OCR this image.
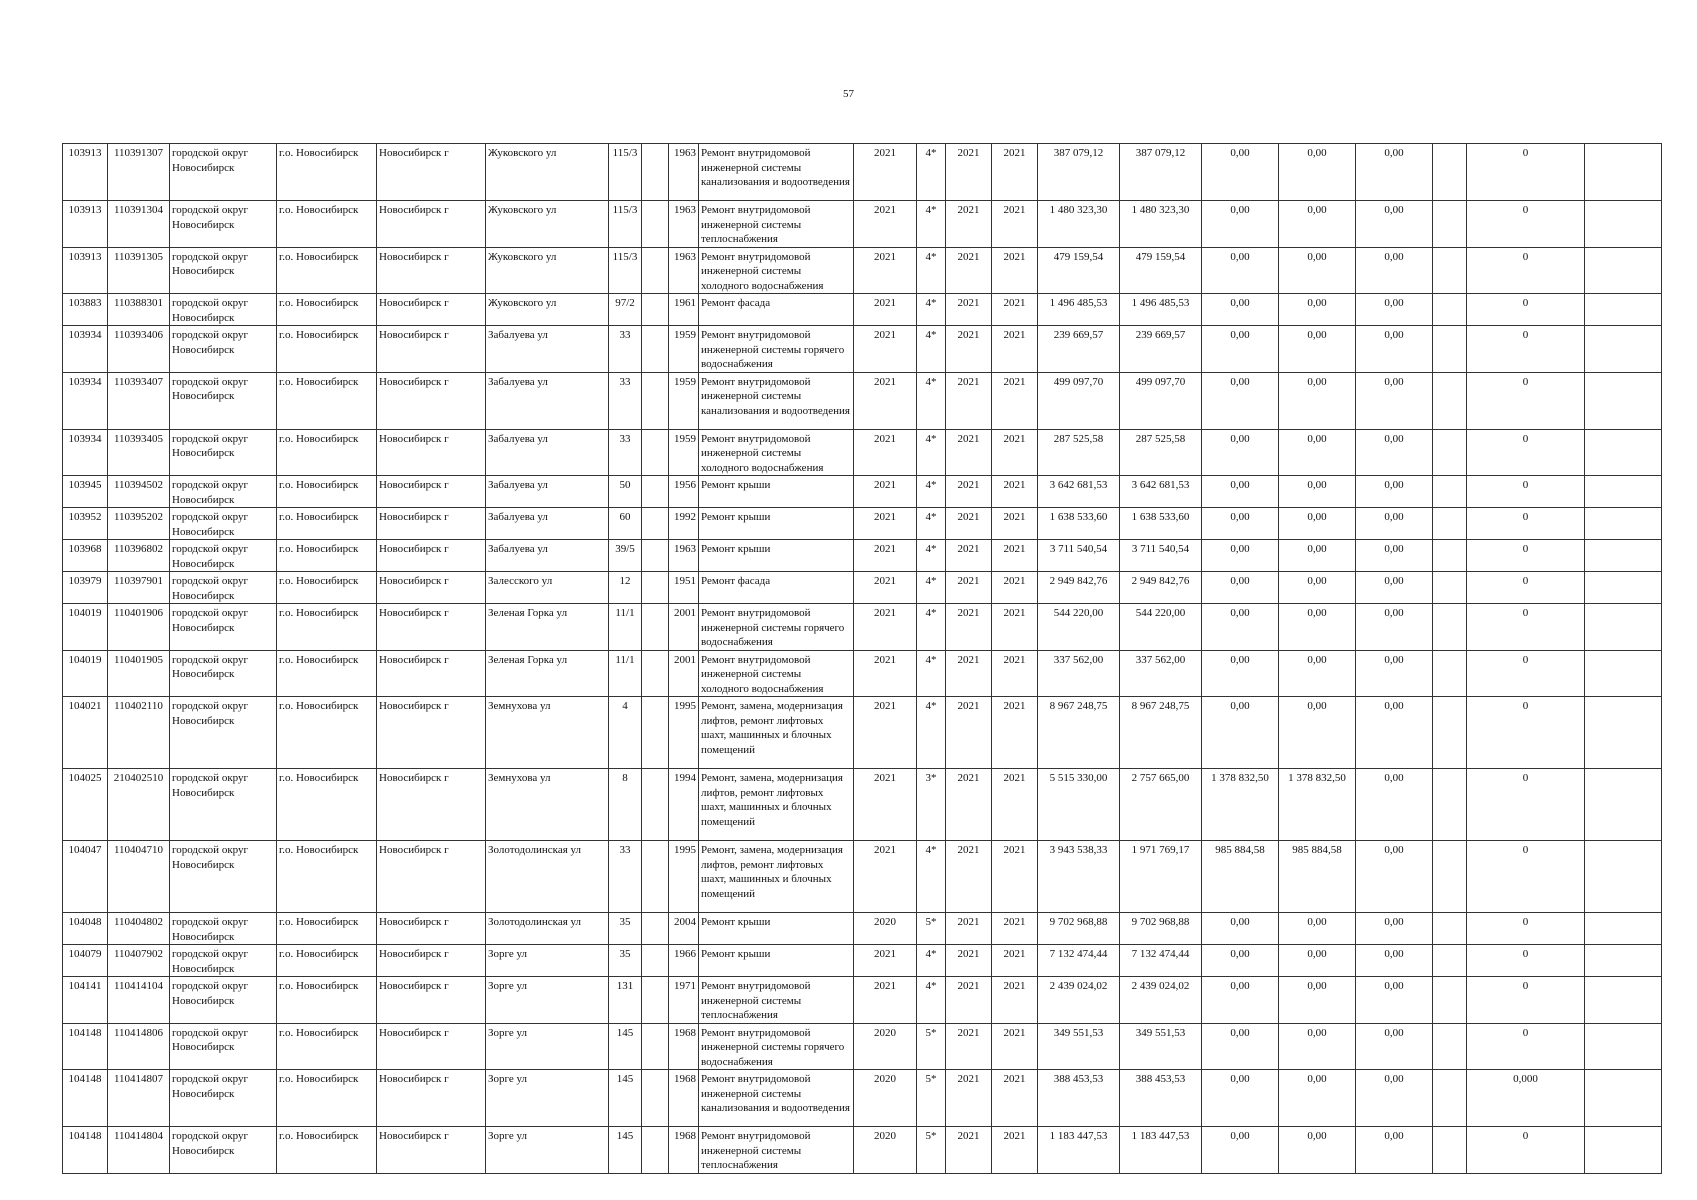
57
103913	110391307	городской округ Новосибирск	г.о. Новосибирск	Новосибирск г	Жуковского ул	115/3		1963	Ремонт внутридомовой инженерной системы канализования и водоотведения	2021	4*	2021	2021	387 079,12	387 079,12	0,00	0,00	0,00		0	
103913	110391304	городской округ Новосибирск	г.о. Новосибирск	Новосибирск г	Жуковского ул	115/3		1963	Ремонт внутридомовой инженерной системы теплоснабжения	2021	4*	2021	2021	1 480 323,30	1 480 323,30	0,00	0,00	0,00		0	
103913	110391305	городской округ Новосибирск	г.о. Новосибирск	Новосибирск г	Жуковского ул	115/3		1963	Ремонт внутридомовой инженерной системы холодного водоснабжения	2021	4*	2021	2021	479 159,54	479 159,54	0,00	0,00	0,00		0	
103883	110388301	городской округ Новосибирск	г.о. Новосибирск	Новосибирск г	Жуковского ул	97/2		1961	Ремонт фасада	2021	4*	2021	2021	1 496 485,53	1 496 485,53	0,00	0,00	0,00		0	
103934	110393406	городской округ Новосибирск	г.о. Новосибирск	Новосибирск г	Забалуева ул	33		1959	Ремонт внутридомовой инженерной системы горячего водоснабжения	2021	4*	2021	2021	239 669,57	239 669,57	0,00	0,00	0,00		0	
103934	110393407	городской округ Новосибирск	г.о. Новосибирск	Новосибирск г	Забалуева ул	33		1959	Ремонт внутридомовой инженерной системы канализования и водоотведения	2021	4*	2021	2021	499 097,70	499 097,70	0,00	0,00	0,00		0	
103934	110393405	городской округ Новосибирск	г.о. Новосибирск	Новосибирск г	Забалуева ул	33		1959	Ремонт внутридомовой инженерной системы холодного водоснабжения	2021	4*	2021	2021	287 525,58	287 525,58	0,00	0,00	0,00		0	
103945	110394502	городской округ Новосибирск	г.о. Новосибирск	Новосибирск г	Забалуева ул	50		1956	Ремонт крыши	2021	4*	2021	2021	3 642 681,53	3 642 681,53	0,00	0,00	0,00		0	
103952	110395202	городской округ Новосибирск	г.о. Новосибирск	Новосибирск г	Забалуева ул	60		1992	Ремонт крыши	2021	4*	2021	2021	1 638 533,60	1 638 533,60	0,00	0,00	0,00		0	
103968	110396802	городской округ Новосибирск	г.о. Новосибирск	Новосибирск г	Забалуева ул	39/5		1963	Ремонт крыши	2021	4*	2021	2021	3 711 540,54	3 711 540,54	0,00	0,00	0,00		0	
103979	110397901	городской округ Новосибирск	г.о. Новосибирск	Новосибирск г	Залесского ул	12		1951	Ремонт фасада	2021	4*	2021	2021	2 949 842,76	2 949 842,76	0,00	0,00	0,00		0	
104019	110401906	городской округ Новосибирск	г.о. Новосибирск	Новосибирск г	Зеленая Горка ул	11/1		2001	Ремонт внутридомовой инженерной системы горячего водоснабжения	2021	4*	2021	2021	544 220,00	544 220,00	0,00	0,00	0,00		0	
104019	110401905	городской округ Новосибирск	г.о. Новосибирск	Новосибирск г	Зеленая Горка ул	11/1		2001	Ремонт внутридомовой инженерной системы холодного водоснабжения	2021	4*	2021	2021	337 562,00	337 562,00	0,00	0,00	0,00		0	
104021	110402110	городской округ Новосибирск	г.о. Новосибирск	Новосибирск г	Земнухова ул	4		1995	Ремонт, замена, модернизация лифтов, ремонт лифтовых шахт, машинных и блочных помещений	2021	4*	2021	2021	8 967 248,75	8 967 248,75	0,00	0,00	0,00		0	
104025	210402510	городской округ Новосибирск	г.о. Новосибирск	Новосибирск г	Земнухова ул	8		1994	Ремонт, замена, модернизация лифтов, ремонт лифтовых шахт, машинных и блочных помещений	2021	3*	2021	2021	5 515 330,00	2 757 665,00	1 378 832,50	1 378 832,50	0,00		0	
104047	110404710	городской округ Новосибирск	г.о. Новосибирск	Новосибирск г	Золотодолинская ул	33		1995	Ремонт, замена, модернизация лифтов, ремонт лифтовых шахт, машинных и блочных помещений	2021	4*	2021	2021	3 943 538,33	1 971 769,17	985 884,58	985 884,58	0,00		0	
104048	110404802	городской округ Новосибирск	г.о. Новосибирск	Новосибирск г	Золотодолинская ул	35		2004	Ремонт крыши	2020	5*	2021	2021	9 702 968,88	9 702 968,88	0,00	0,00	0,00		0	
104079	110407902	городской округ Новосибирск	г.о. Новосибирск	Новосибирск г	Зорге ул	35		1966	Ремонт крыши	2021	4*	2021	2021	7 132 474,44	7 132 474,44	0,00	0,00	0,00		0	
104141	110414104	городской округ Новосибирск	г.о. Новосибирск	Новосибирск г	Зорге ул	131		1971	Ремонт внутридомовой инженерной системы теплоснабжения	2021	4*	2021	2021	2 439 024,02	2 439 024,02	0,00	0,00	0,00		0	
104148	110414806	городской округ Новосибирск	г.о. Новосибирск	Новосибирск г	Зорге ул	145		1968	Ремонт внутридомовой инженерной системы горячего водоснабжения	2020	5*	2021	2021	349 551,53	349 551,53	0,00	0,00	0,00		0	
104148	110414807	городской округ Новосибирск	г.о. Новосибирск	Новосибирск г	Зорге ул	145		1968	Ремонт внутридомовой инженерной системы канализования и водоотведения	2020	5*	2021	2021	388 453,53	388 453,53	0,00	0,00	0,00		0,000	
104148	110414804	городской округ Новосибирск	г.о. Новосибирск	Новосибирск г	Зорге ул	145		1968	Ремонт внутридомовой инженерной системы теплоснабжения	2020	5*	2021	2021	1 183 447,53	1 183 447,53	0,00	0,00	0,00		0	
